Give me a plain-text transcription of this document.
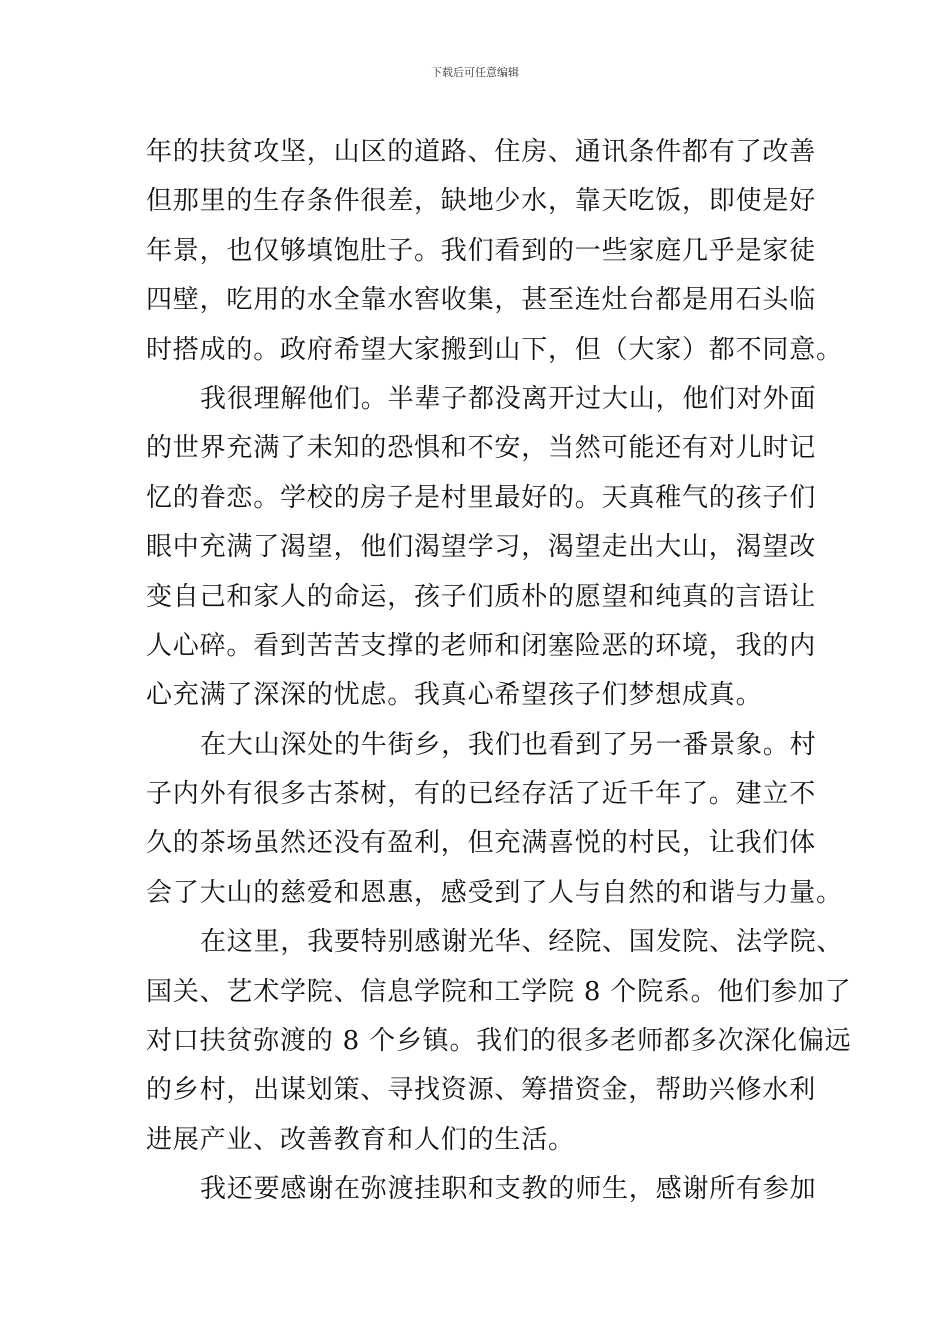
下载后可任意编辑
年的扶贫攻坚，山区的道路、住房、通讯条件都有了改善
但那里的生存条件很差，缺地少水，靠天吃饭，即使是好
年景，也仅够填饱肚子。我们看到的一些家庭几乎是家徒
四壁，吃用的水全靠水窖收集，甚至连灶台都是用石头临
时搭成的。政府希望大家搬到山下，但（大家）都不同意。
我很理解他们。半辈子都没离开过大山，他们对外面
的世界充满了未知的恐惧和不安，当然可能还有对儿时记
忆的眷恋。学校的房子是村里最好的。天真稚气的孩子们
眼中充满了渴望，他们渴望学习，渴望走出大山，渴望改
变自己和家人的命运，孩子们质朴的愿望和纯真的言语让
人心碎。看到苦苦支撑的老师和闭塞险恶的环境，我的内
心充满了深深的忧虑。我真心希望孩子们梦想成真。
在大山深处的牛街乡，我们也看到了另一番景象。村
子内外有很多古茶树，有的已经存活了近千年了。建立不
久的茶场虽然还没有盈利，但充满喜悦的村民，让我们体
会了大山的慈爱和恩惠，感受到了人与自然的和谐与力量。
在这里，我要特别感谢光华、经院、国发院、法学院、
国关、艺术学院、信息学院和工学院 8 个院系。他们参加了
对口扶贫弥渡的 8 个乡镇。我们的很多老师都多次深化偏远
的乡村，出谋划策、寻找资源、筹措资金，帮助兴修水利
进展产业、改善教育和人们的生活。
我还要感谢在弥渡挂职和支教的师生，感谢所有参加
